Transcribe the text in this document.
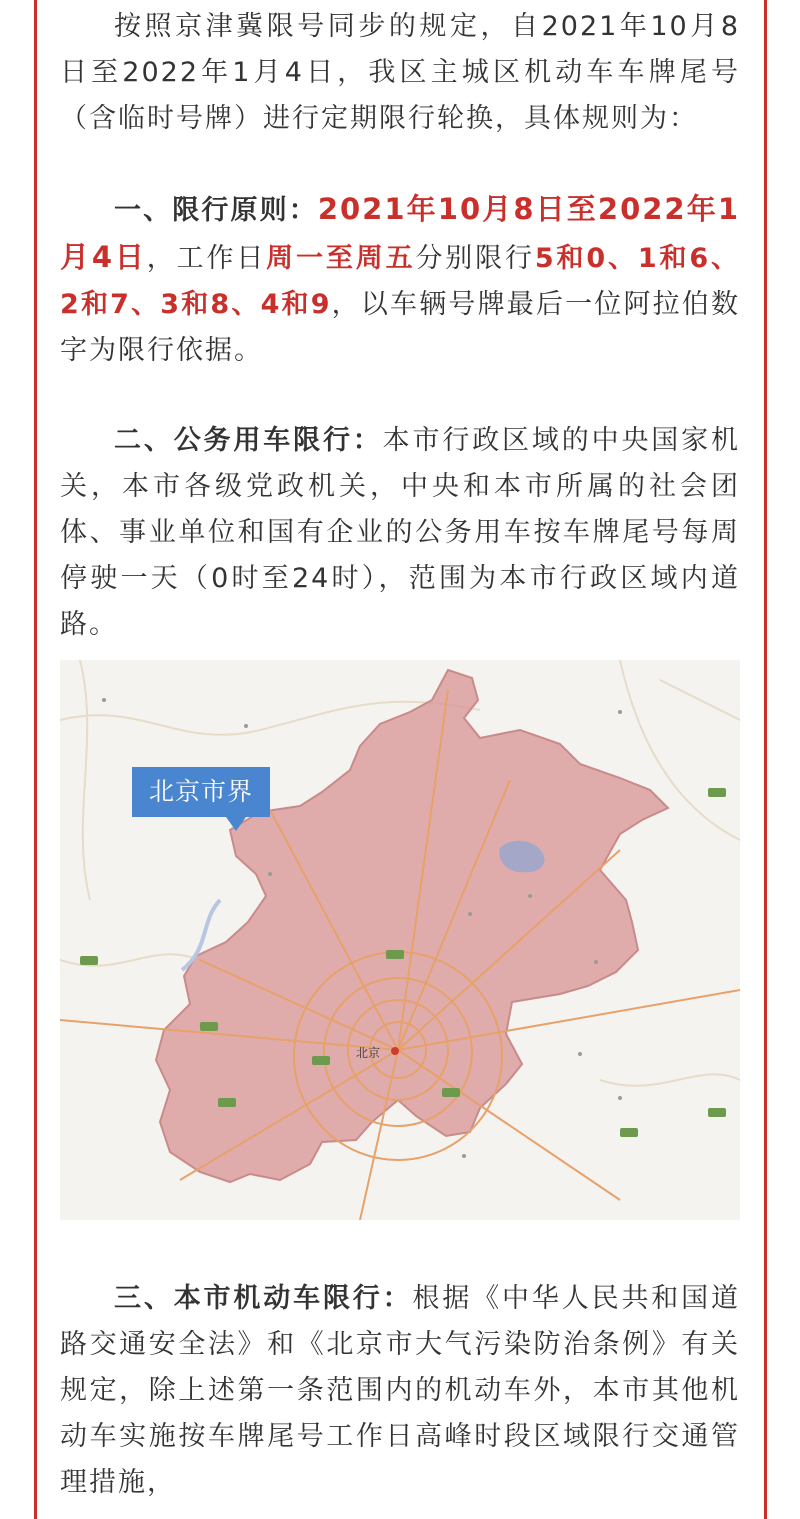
按照京津冀限号同步的规定，自2021年10月8日至2022年1月4日，我区主城区机动车车牌尾号（含临时号牌）进行定期限行轮换，具体规则为：

一、限行原则：2021年10月8日至2022年1月4日，工作日周一至周五分别限行5和0、1和6、2和7、3和8、4和9，以车辆号牌最后一位阿拉伯数字为限行依据。

二、公务用车限行：本市行政区域的中央国家机关，本市各级党政机关，中央和本市所属的社会团体、事业单位和国有企业的公务用车按车牌尾号每周停驶一天（0时至24时），范围为本市行政区域内道路。

北京市界
北京

三、本市机动车限行：根据《中华人民共和国道路交通安全法》和《北京市大气污染防治条例》有关规定，除上述第一条范围内的机动车外，本市其他机动车实施按车牌尾号工作日高峰时段区域限行交通管理措施，
